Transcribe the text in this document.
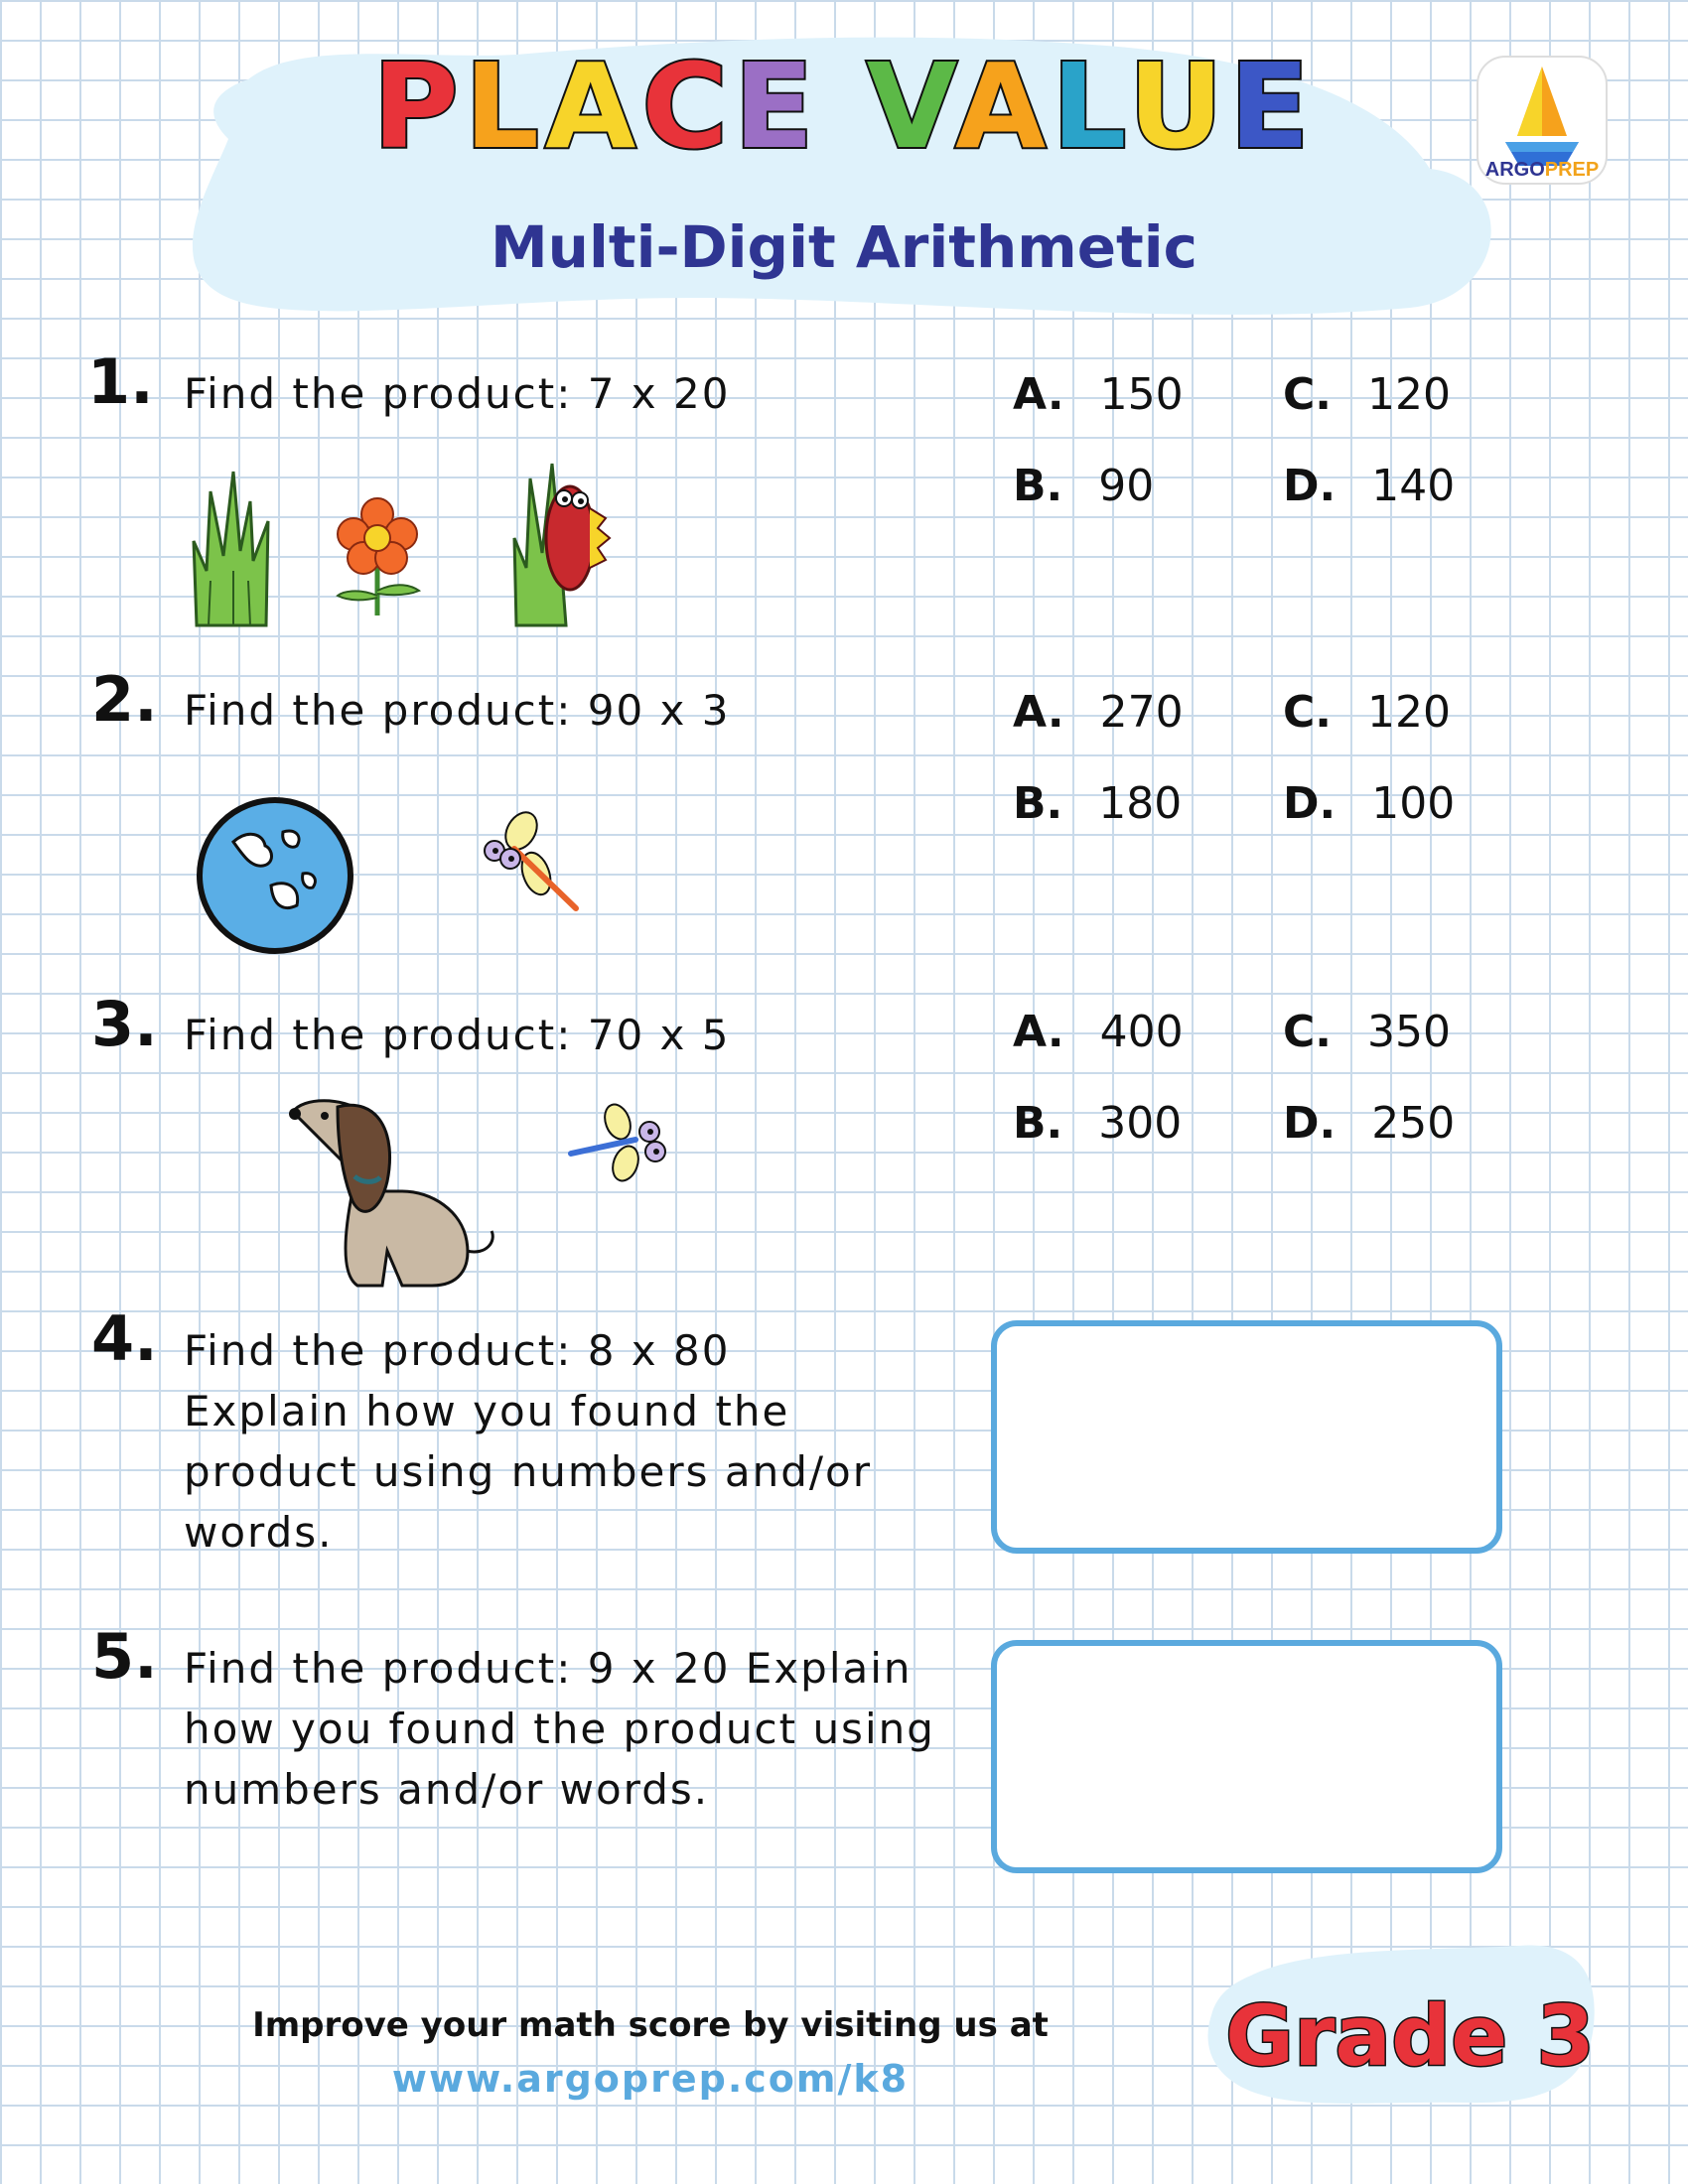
PLACE VALUE
Multi-Digit Arithmetic
ARGOPREP
1. Find the product: 7 x 20	A. 150 C. 120
B. 90	D. 140
2. Find the product: 90 x 3	A. 270 C. 120
B. 180 D. 100
3. Find the product: 70 x 5	A. 400 C. 350
B. 300 D. 250
4. Find the product: 8 x 80
Explain how you found the
product using numbers and/or
words.
5. Find the product: 9 x 20 Explain
how you found the product using
numbers and/or words.
Improve your math score by visiting us at
www.argoprep.com/k8	Grade 3
